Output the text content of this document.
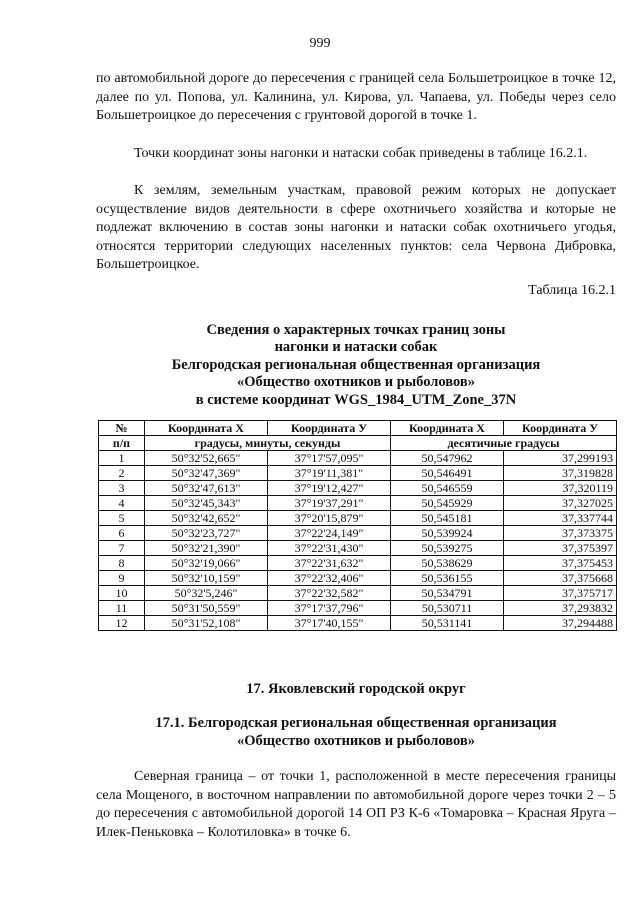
999

по автомобильной дороге до пересечения с границей села Большетроицкое в точке 12, далее по ул. Попова, ул. Калинина, ул. Кирова, ул. Чапаева, ул. Победы через село Большетроицкое до пересечения с грунтовой дорогой в точке 1.

Точки координат зоны нагонки и натаски собак приведены в таблице 16.2.1.

К землям, земельным участкам, правовой режим которых не допускает осуществление видов деятельности в сфере охотничьего хозяйства и которые не подлежат включению в состав зоны нагонки и натаски собак охотничьего угодья, относятся территории следующих населенных пунктов: села Червона Дибровка, Большетроицкое.

Таблица 16.2.1
Сведения о характерных точках границ зоны
нагонки и натаски собак
Белгородская региональная общественная организация
«Общество охотников и рыболовов»
в системе координат WGS_1984_UTM_Zone_37N
№	Координата Х	Координата У	Координата Х	Координата У
п/п	градусы, минуты, секунды		десятичные градусы	
1	50°32'52,665"	37°17'57,095"	50,547962	37,299193
2	50°32'47,369"	37°19'11,381"	50,546491	37,319828
3	50°32'47,613"	37°19'12,427"	50,546559	37,320119
4	50°32'45,343"	37°19'37,291"	50,545929	37,327025
5	50°32'42,652"	37°20'15,879"	50,545181	37,337744
6	50°32'23,727"	37°22'24,149"	50,539924	37,373375
7	50°32'21,390"	37°22'31,430"	50,539275	37,375397
8	50°32'19,066"	37°22'31,632"	50,538629	37,375453
9	50°32'10,159"	37°22'32,406"	50,536155	37,375668
10	50°32'5,246"	37°22'32,582"	50,534791	37,375717
11	50°31'50,559"	37°17'37,796"	50,530711	37,293832
12	50°31'52,108"	37°17'40,155"	50,531141	37,294488
17. Яковлевский городской округ
17.1. Белгородская региональная общественная организация
«Общество охотников и рыболовов»

Северная граница – от точки 1, расположенной в месте пересечения границы села Мощеного, в восточном направлении по автомобильной дороге через точки 2 – 5 до пересечения с автомобильной дорогой 14 ОП РЗ К-6 «Томаровка – Красная Яруга – Илек-Пеньковка – Колотиловка» в точке 6.
